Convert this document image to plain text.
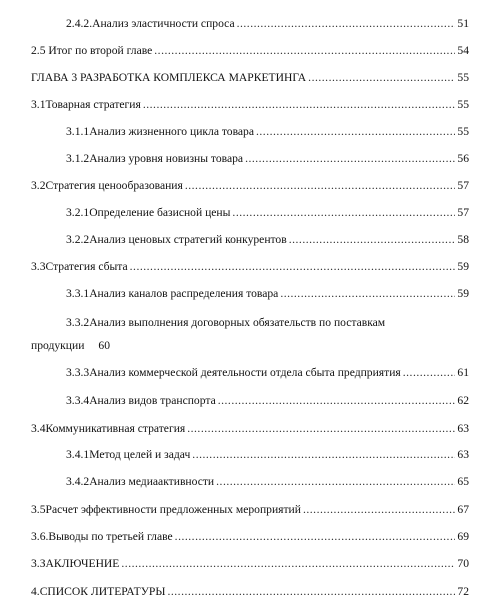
2.4.2.Анализ эластичности спроса .....	51
2.5 Итог по второй главе .....	54
ГЛАВА 3 РАЗРАБОТКА КОМПЛЕКСА МАРКЕТИНГА .....	55
3.1Товарная стратегия .....	55
3.1.1Анализ жизненного цикла товара .....	55
3.1.2Анализ уровня новизны товара .....	56
3.2Стратегия ценообразования .....	57
3.2.1Определение базисной цены .....	57
3.2.2Анализ ценовых стратегий конкурентов .....	58
3.3Стратегия сбыта .....	59
3.3.1Анализ каналов распределения товара .....	59
3.3.2Анализ выполнения договорных обязательств по поставкам
продукции 60
3.3.3Анализ коммерческой деятельности отдела сбыта предприятия .....	61
3.3.4Анализ видов транспорта .....	62
3.4Коммуникативная стратегия .....	63
3.4.1Метод целей и задач .....	63
3.4.2Анализ медиаактивности .....	65
3.5Расчет эффективности предложенных мероприятий .....	67
3.6.Выводы по третьей главе .....	69
3.ЗАКЛЮЧЕНИЕ .....	70
4.СПИСОК ЛИТЕРАТУРЫ .....	72
